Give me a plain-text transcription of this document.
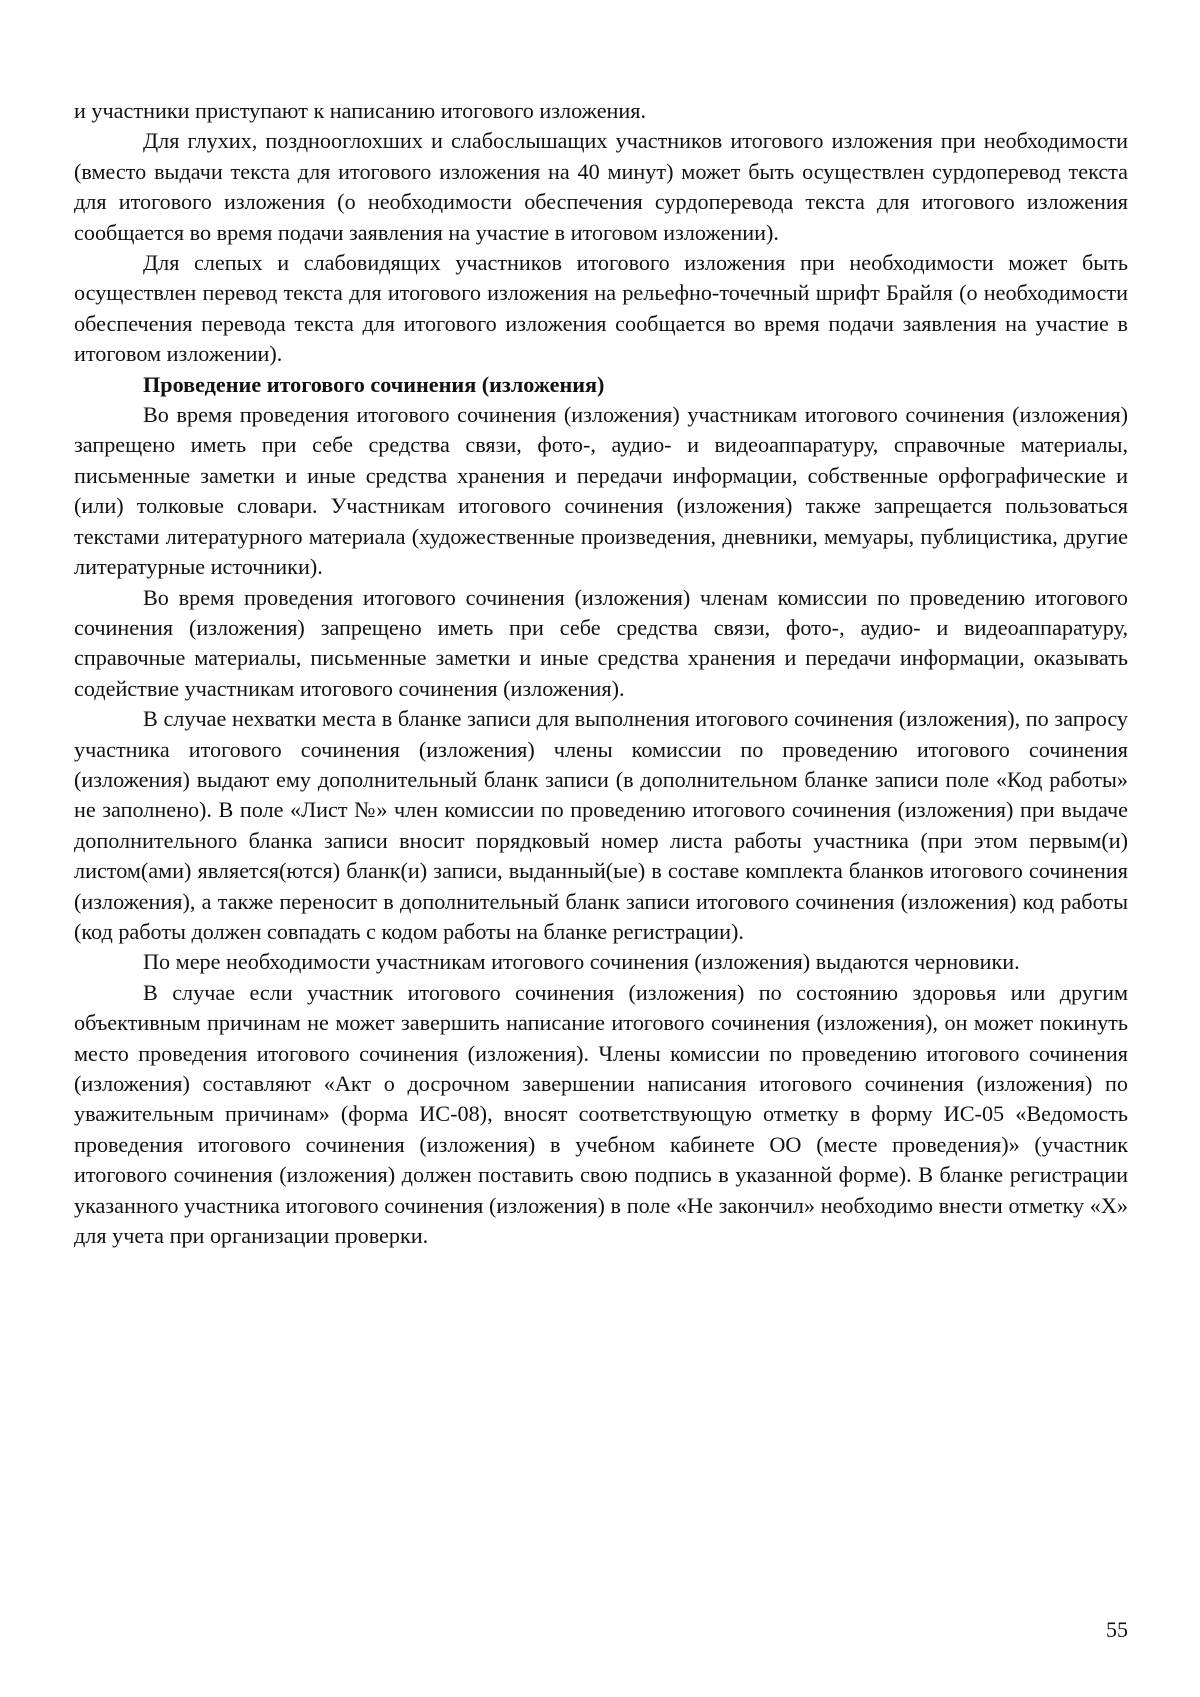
и участники приступают к написанию итогового изложения.

Для глухих, позднооглохших и слабослышащих участников итогового изложения при необходимости (вместо выдачи текста для итогового изложения на 40 минут) может быть осуществлен сурдоперевод текста для итогового изложения (о необходимости обеспечения сурдоперевода текста для итогового изложения сообщается во время подачи заявления на участие в итоговом изложении).

Для слепых и слабовидящих участников итогового изложения при необходимости может быть осуществлен перевод текста для итогового изложения на рельефно-точечный шрифт Брайля (о необходимости обеспечения перевода текста для итогового изложения сообщается во время подачи заявления на участие в итоговом изложении).

Проведение итогового сочинения (изложения)

Во время проведения итогового сочинения (изложения) участникам итогового сочинения (изложения) запрещено иметь при себе средства связи, фото-, аудио- и видеоаппаратуру, справочные материалы, письменные заметки и иные средства хранения и передачи информации, собственные орфографические и (или) толковые словари. Участникам итогового сочинения (изложения) также запрещается пользоваться текстами литературного материала (художественные произведения, дневники, мемуары, публицистика, другие литературные источники).

Во время проведения итогового сочинения (изложения) членам комиссии по проведению итогового сочинения (изложения) запрещено иметь при себе средства связи, фото-, аудио- и видеоаппаратуру, справочные материалы, письменные заметки и иные средства хранения и передачи информации, оказывать содействие участникам итогового сочинения (изложения).

В случае нехватки места в бланке записи для выполнения итогового сочинения (изложения), по запросу участника итогового сочинения (изложения) члены комиссии по проведению итогового сочинения (изложения) выдают ему дополнительный бланк записи (в дополнительном бланке записи поле «Код работы» не заполнено). В поле «Лист №» член комиссии по проведению итогового сочинения (изложения) при выдаче дополнительного бланка записи вносит порядковый номер листа работы участника (при этом первым(и) листом(ами) является(ются) бланк(и) записи, выданный(ые) в составе комплекта бланков итогового сочинения (изложения), а также переносит в дополнительный бланк записи итогового сочинения (изложения) код работы (код работы должен совпадать с кодом работы на бланке регистрации).

По мере необходимости участникам итогового сочинения (изложения) выдаются черновики.

В случае если участник итогового сочинения (изложения) по состоянию здоровья или другим объективным причинам не может завершить написание итогового сочинения (изложения), он может покинуть место проведения итогового сочинения (изложения). Члены комиссии по проведению итогового сочинения (изложения) составляют «Акт о досрочном завершении написания итогового сочинения (изложения) по уважительным причинам» (форма ИС-08), вносят соответствующую отметку в форму ИС-05 «Ведомость проведения итогового сочинения (изложения) в учебном кабинете ОО (месте проведения)» (участник итогового сочинения (изложения) должен поставить свою подпись в указанной форме). В бланке регистрации указанного участника итогового сочинения (изложения) в поле «Не закончил» необходимо внести отметку «X» для учета при организации проверки.

55
